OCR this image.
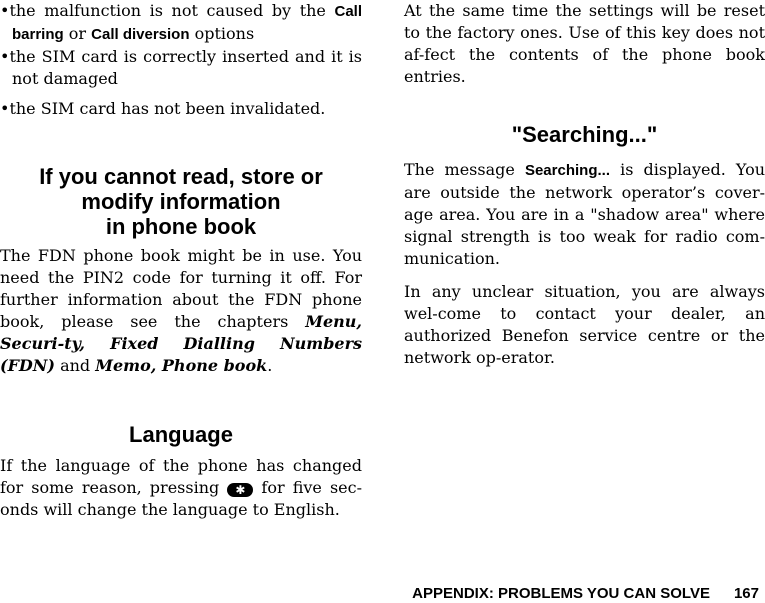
•the malfunction is not caused by the Call barring or Call diversion options

•the SIM card is correctly inserted and it is not damaged

•the SIM card has not been invalidated.

If you cannot read, store or
modify information
in phone book

The FDN phone book might be in use. You need the PIN2 code for turning it off. For further information about the FDN phone book, please see the chapters Menu, Securi-ty, Fixed Dialling Numbers (FDN) and Memo, Phone book.

Language

If the language of the phone has changed for some reason, pressing ✱ for five sec-onds will change the language to English.

At the same time the settings will be reset to the factory ones. Use of this key does not af-fect the contents of the phone book entries.

"Searching..."

The message Searching... is displayed. You are outside the network operator’s cover-age area. You are in a "shadow area" where signal strength is too weak for radio com-munication.

In any unclear situation, you are always wel-come to contact your dealer, an authorized Benefon service centre or the network op-erator.

APPENDIX: PROBLEMS YOU CAN SOLVE 167
